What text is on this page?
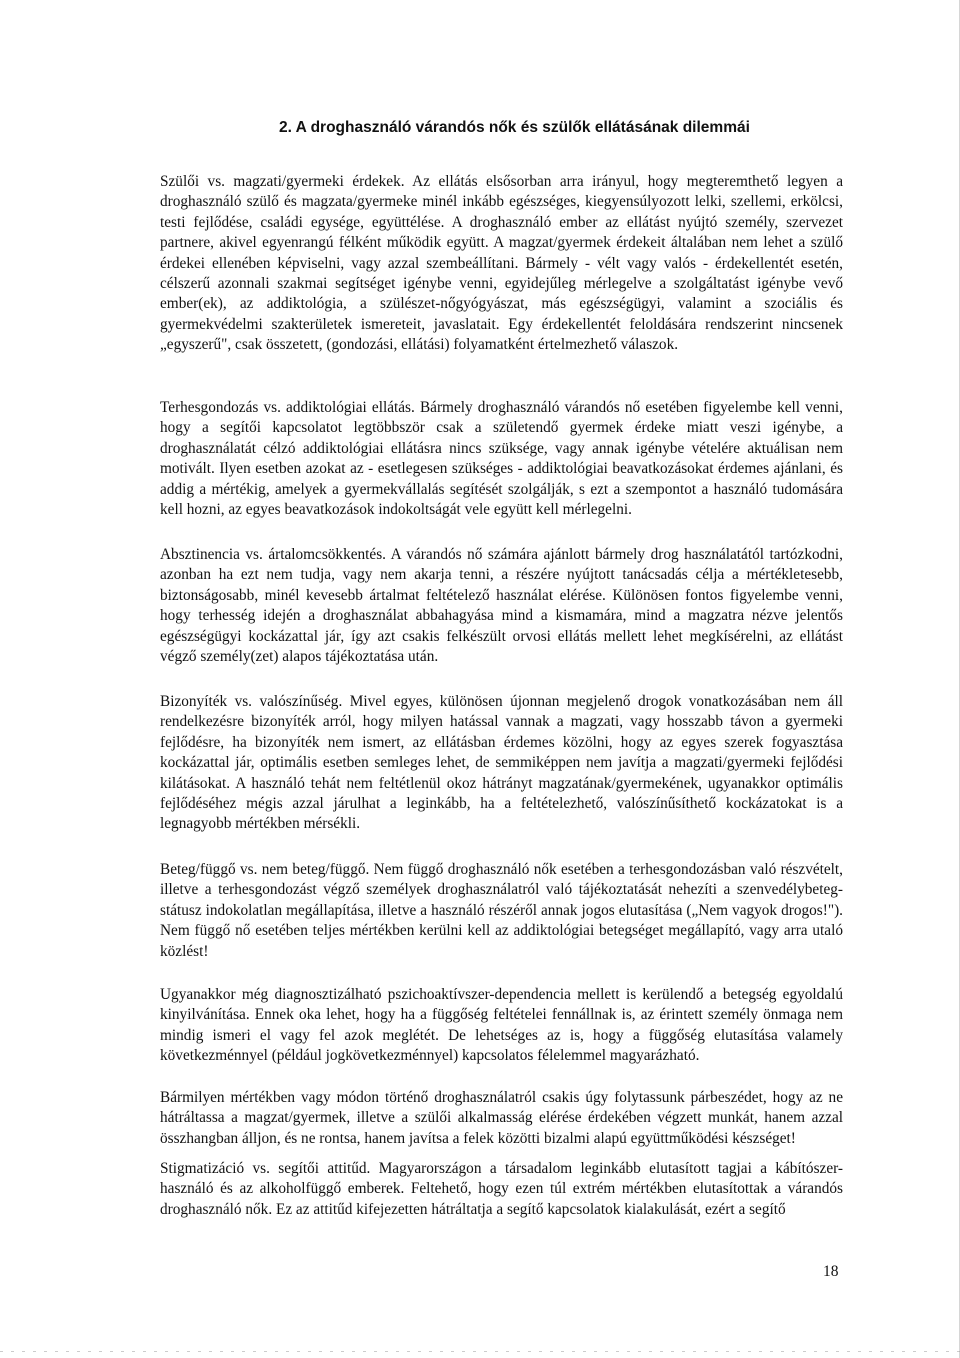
2. A droghasználó várandós nők és szülők ellátásának dilemmái

Szülői vs. magzati/gyermeki érdekek. Az ellátás elsősorban arra irányul, hogy megteremthető legyen a droghasználó szülő és magzata/gyermeke minél inkább egészséges, kiegyensúlyozott lelki, szellemi, erkölcsi, testi fejlődése, családi egysége, együttélése. A droghasználó ember az ellátást nyújtó személy, szervezet partnere, akivel egyenrangú félként működik együtt. A magzat/gyermek érdekeit általában nem lehet a szülő érdekei ellenében képviselni, vagy azzal szembeállítani. Bármely - vélt vagy valós - érdekellentét esetén, célszerű azonnali szakmai segítséget igénybe venni, egyidejűleg mérlegelve a szolgáltatást igénybe vevő ember(ek), az addiktológia, a szülészet-nőgyógyászat, más egészségügyi, valamint a szociális és gyermekvédelmi szakterületek ismereteit, javaslatait. Egy érdekellentét feloldására rendszerint nincsenek „egyszerű", csak összetett, (gondozási, ellátási) folyamatként értelmezhető válaszok.

Terhesgondozás vs. addiktológiai ellátás. Bármely droghasználó várandós nő esetében figyelembe kell venni, hogy a segítői kapcsolatot legtöbbször csak a születendő gyermek érdeke miatt veszi igénybe, a droghasználatát célzó addiktológiai ellátásra nincs szüksége, vagy annak igénybe vételére aktuálisan nem motivált. Ilyen esetben azokat az - esetlegesen szükséges - addiktológiai beavatkozásokat érdemes ajánlani, és addig a mértékig, amelyek a gyermekvállalás segítését szolgálják, s ezt a szempontot a használó tudomására kell hozni, az egyes beavatkozások indokoltságát vele együtt kell mérlegelni.

Absztinencia vs. ártalomcsökkentés. A várandós nő számára ajánlott bármely drog használatától tartózkodni, azonban ha ezt nem tudja, vagy nem akarja tenni, a részére nyújtott tanácsadás célja a mértékletesebb, biztonságosabb, minél kevesebb ártalmat feltételező használat elérése. Különösen fontos figyelembe venni, hogy terhesség idején a droghasználat abbahagyása mind a kismamára, mind a magzatra nézve jelentős egészségügyi kockázattal jár, így azt csakis felkészült orvosi ellátás mellett lehet megkísérelni, az ellátást végző személy(zet) alapos tájékoztatása után.

Bizonyíték vs. valószínűség. Mivel egyes, különösen újonnan megjelenő drogok vonatkozásában nem áll rendelkezésre bizonyíték arról, hogy milyen hatással vannak a magzati, vagy hosszabb távon a gyermeki fejlődésre, ha bizonyíték nem ismert, az ellátásban érdemes közölni, hogy az egyes szerek fogyasztása kockázattal jár, optimális esetben semleges lehet, de semmiképpen nem javítja a magzati/gyermeki fejlődési kilátásokat. A használó tehát nem feltétlenül okoz hátrányt magzatának/gyermekének, ugyanakkor optimális fejlődéséhez mégis azzal járulhat a leginkább, ha a feltételezhető, valószínűsíthető kockázatokat is a legnagyobb mértékben mérsékli.

Beteg/függő vs. nem beteg/függő. Nem függő droghasználó nők esetében a terhesgondozásban való részvételt, illetve a terhesgondozást végző személyek droghasználatról való tájékoztatását nehezíti a szenvedélybeteg-státusz indokolatlan megállapítása, illetve a használó részéről annak jogos elutasítása („Nem vagyok drogos!"). Nem függő nő esetében teljes mértékben kerülni kell az addiktológiai betegséget megállapító, vagy arra utaló közlést!

Ugyanakkor még diagnosztizálható pszichoaktívszer-dependencia mellett is kerülendő a betegség egyoldalú kinyilvánítása. Ennek oka lehet, hogy ha a függőség feltételei fennállnak is, az érintett személy önmaga nem mindig ismeri el vagy fel azok meglétét. De lehetséges az is, hogy a függőség elutasítása valamely következménnyel (például jogkövetkezménnyel) kapcsolatos félelemmel magyarázható.

Bármilyen mértékben vagy módon történő droghasználatról csakis úgy folytassunk párbeszédet, hogy az ne hátráltassa a magzat/gyermek, illetve a szülői alkalmasság elérése érdekében végzett munkát, hanem azzal összhangban álljon, és ne rontsa, hanem javítsa a felek közötti bizalmi alapú együttműködési készséget!

Stigmatizáció vs. segítői attitűd. Magyarországon a társadalom leginkább elutasított tagjai a kábítószer-használó és az alkoholfüggő emberek. Feltehető, hogy ezen túl extrém mértékben elutasítottak a várandós droghasználó nők. Ez az attitűd kifejezetten hátráltatja a segítő kapcsolatok kialakulását, ezért a segítő

18
